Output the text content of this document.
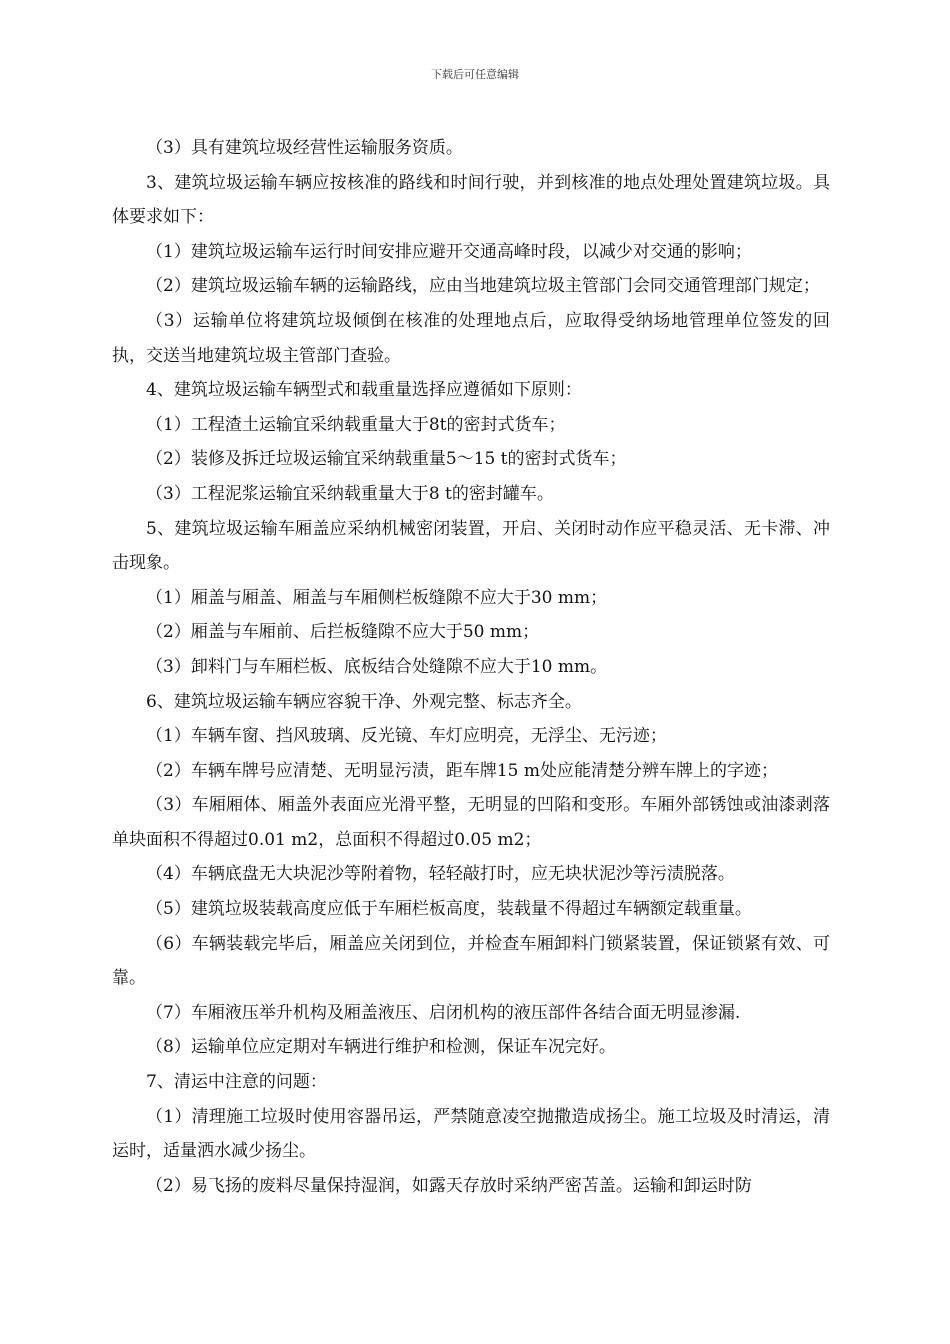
下载后可任意编辑

（3）具有建筑垃圾经营性运输服务资质。

3、建筑垃圾运输车辆应按核准的路线和时间行驶，并到核准的地点处理处置建筑垃圾。具体要求如下：

（1）建筑垃圾运输车运行时间安排应避开交通高峰时段，以减少对交通的影响；

（2）建筑垃圾运输车辆的运输路线，应由当地建筑垃圾主管部门会同交通管理部门规定；

（3）运输单位将建筑垃圾倾倒在核准的处理地点后，应取得受纳场地管理单位签发的回执，交送当地建筑垃圾主管部门查验。

4、建筑垃圾运输车辆型式和载重量选择应遵循如下原则：

（1）工程渣土运输宜采纳载重量大于8t的密封式货车；

（2）装修及拆迁垃圾运输宜采纳载重量5～15 t的密封式货车；

（3）工程泥浆运输宜采纳载重量大于8 t的密封罐车。

5、建筑垃圾运输车厢盖应采纳机械密闭装置，开启、关闭时动作应平稳灵活、无卡滞、冲击现象。

（1）厢盖与厢盖、厢盖与车厢侧栏板缝隙不应大于30 mm；

（2）厢盖与车厢前、后拦板缝隙不应大于50 mm；

（3）卸料门与车厢栏板、底板结合处缝隙不应大于10 mm。

6、建筑垃圾运输车辆应容貌干净、外观完整、标志齐全。

（1）车辆车窗、挡风玻璃、反光镜、车灯应明亮，无浮尘、无污迹；

（2）车辆车牌号应清楚、无明显污渍，距车牌15 m处应能清楚分辨车牌上的字迹；

（3）车厢厢体、厢盖外表面应光滑平整，无明显的凹陷和变形。车厢外部锈蚀或油漆剥落单块面积不得超过0.01 m2，总面积不得超过0.05 m2；

（4）车辆底盘无大块泥沙等附着物，轻轻敲打时，应无块状泥沙等污渍脱落。

（5）建筑垃圾装载高度应低于车厢栏板高度，装载量不得超过车辆额定载重量。

（6）车辆装载完毕后，厢盖应关闭到位，并检查车厢卸料门锁紧装置，保证锁紧有效、可靠。

（7）车厢液压举升机构及厢盖液压、启闭机构的液压部件各结合面无明显渗漏.

（8）运输单位应定期对车辆进行维护和检测，保证车况完好。

7、清运中注意的问题：

（1）清理施工垃圾时使用容器吊运，严禁随意凌空抛撒造成扬尘。施工垃圾及时清运，清运时，适量洒水减少扬尘。

（2）易飞扬的废料尽量保持湿润，如露天存放时采纳严密苫盖。运输和卸运时防
